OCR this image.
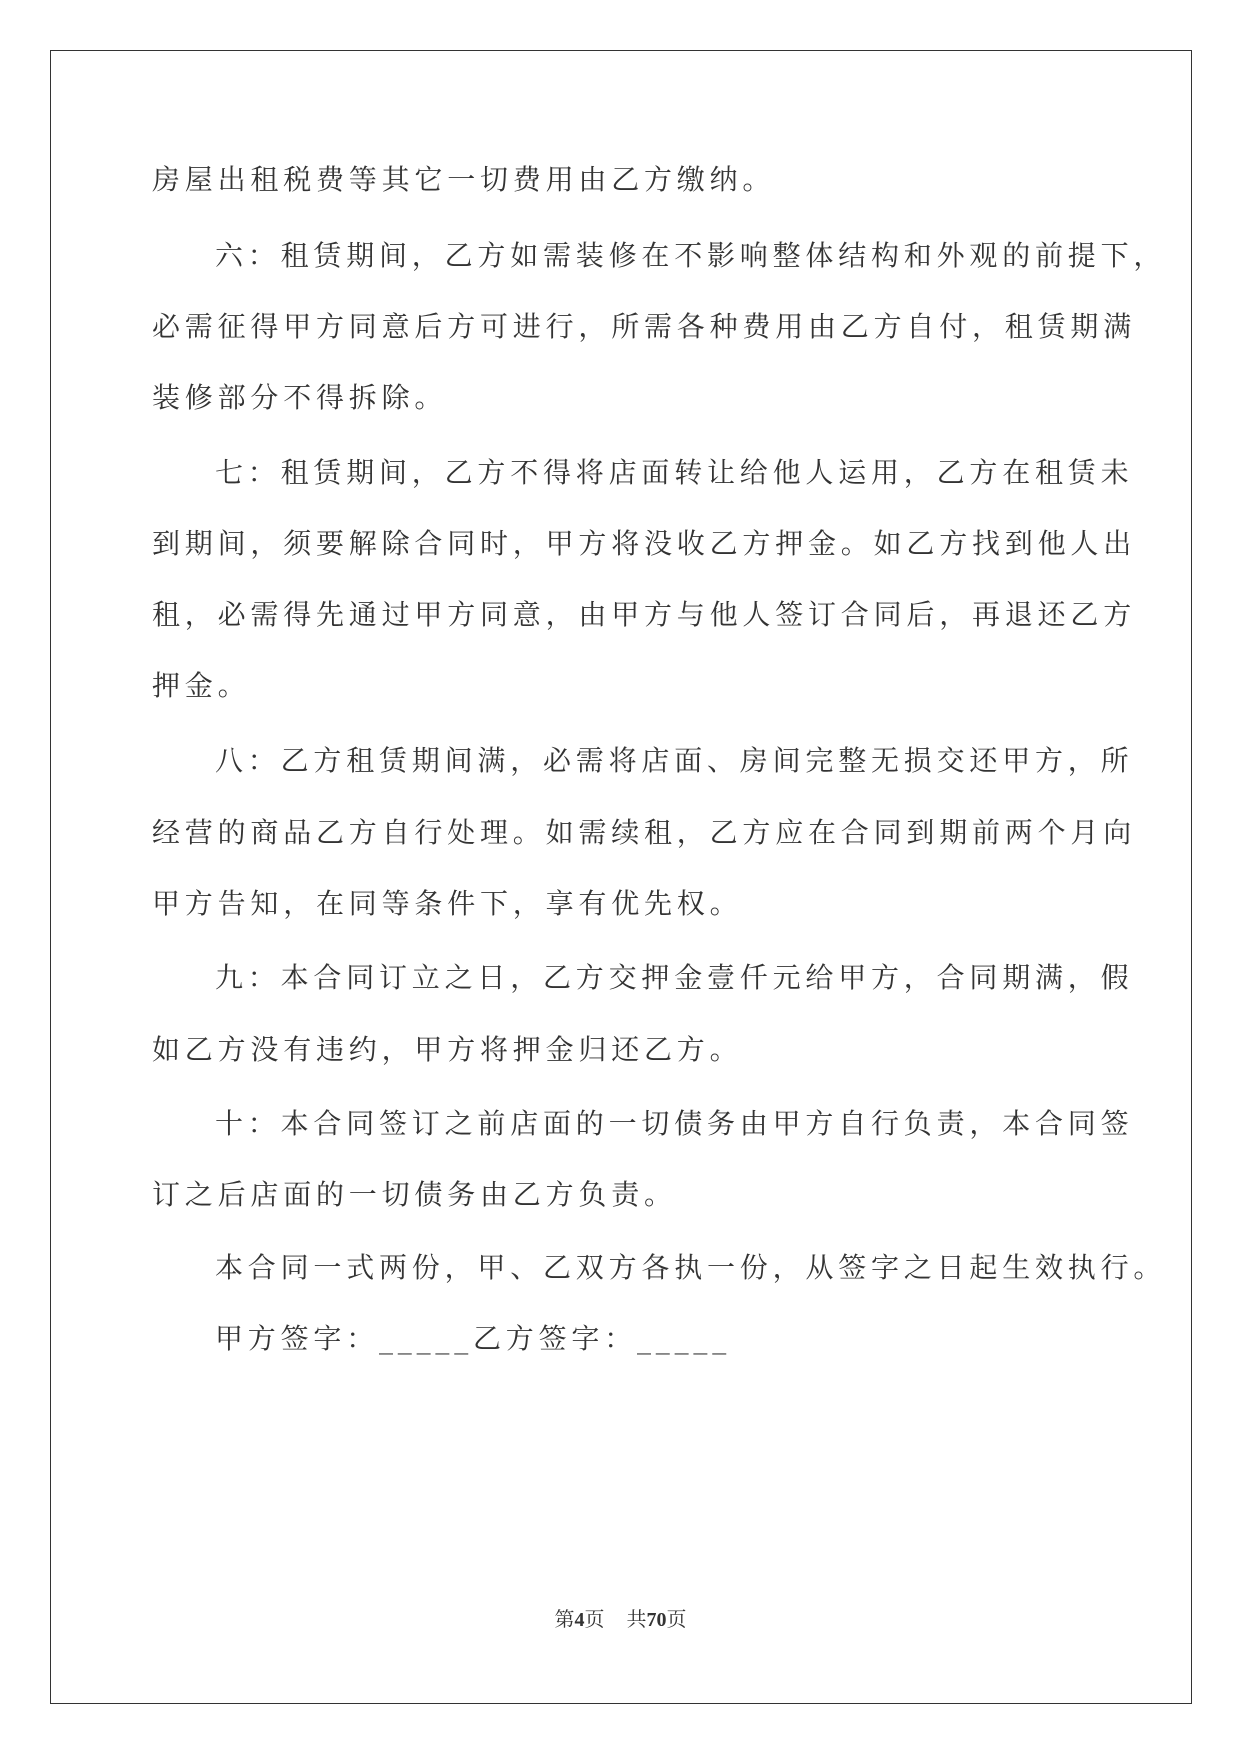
房屋出租税费等其它一切费用由乙方缴纳。
六：租赁期间，乙方如需装修在不影响整体结构和外观的前提下，
必需征得甲方同意后方可进行，所需各种费用由乙方自付，租赁期满
装修部分不得拆除。
七：租赁期间，乙方不得将店面转让给他人运用，乙方在租赁未
到期间，须要解除合同时，甲方将没收乙方押金。如乙方找到他人出
租，必需得先通过甲方同意，由甲方与他人签订合同后，再退还乙方
押金。
八：乙方租赁期间满，必需将店面、房间完整无损交还甲方，所
经营的商品乙方自行处理。如需续租，乙方应在合同到期前两个月向
甲方告知，在同等条件下，享有优先权。
九：本合同订立之日，乙方交押金壹仟元给甲方，合同期满，假
如乙方没有违约，甲方将押金归还乙方。
十：本合同签订之前店面的一切债务由甲方自行负责，本合同签
订之后店面的一切债务由乙方负责。
本合同一式两份，甲、乙双方各执一份，从签字之日起生效执行。
甲方签字：_____乙方签字：_____
第4页 共70页
